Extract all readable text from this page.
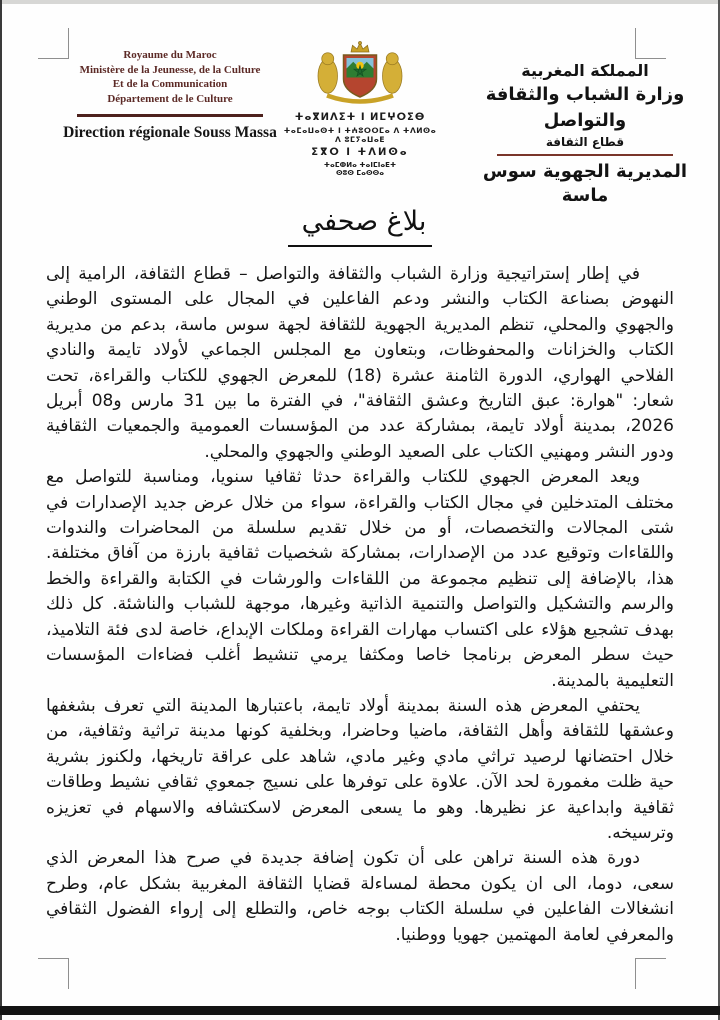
Royaume du Maroc
Ministère de la Jeunesse, de la Culture
Et de la Communication
Département de le Culture
Direction régionale Souss Massa
ⵜⴰⴳⵍⴷⵉⵜ ⵏ ⵍⵎⵖⵔⵉⴱ
ⵜⴰⵎⴰⵡⴰⵙⵜ ⵏ ⵜⵄⵓⵔⵔⵎⴰ ⴷ ⵜⴷⵍⵙⴰ ⴷ ⵓⵎⵢⴰⵡⴰⴹ
ⵉⴳⵔ ⵏ ⵜⴷⵍⵙⴰ
ⵜⴰⵎⵀⵍⴰ ⵜⴰⵏⵎⵏⴰⴹⵜ
ⵙⵓⵙ ⵎⴰⵙⵙⴰ
المملكة المغربية
وزارة الشباب والثقافة والتواصل
قطاع الثقافة
المديرية الجهوية سوس ماسة
بلاغ صحفي

في إطار إستراتيجية وزارة الشباب والثقافة والتواصل – قطاع الثقافة، الرامية إلى النهوض بصناعة الكتاب والنشر ودعم الفاعلين في المجال على المستوى الوطني والجهوي والمحلي، تنظم المديرية الجهوية للثقافة لجهة سوس ماسة، بدعم من مديرية الكتاب والخزانات والمحفوظات، وبتعاون مع المجلس الجماعي لأولاد تايمة والنادي الفلاحي الهواري، الدورة الثامنة عشرة (18) للمعرض الجهوي للكتاب والقراءة، تحت شعار: "هوارة: عبق التاريخ وعشق الثقافة"، في الفترة ما بين 31 مارس و08 أبريل 2026، بمدينة أولاد تايمة، بمشاركة عدد من المؤسسات العمومية والجمعيات الثقافية ودور النشر ومهنيي الكتاب على الصعيد الوطني والجهوي والمحلي.

ويعد المعرض الجهوي للكتاب والقراءة حدثا ثقافيا سنويا، ومناسبة للتواصل مع مختلف المتدخلين في مجال الكتاب والقراءة، سواء من خلال عرض جديد الإصدارات في شتى المجالات والتخصصات، أو من خلال تقديم سلسلة من المحاضرات والندوات واللقاءات وتوقيع عدد من الإصدارات، بمشاركة شخصيات ثقافية بارزة من آفاق مختلفة. هذا، بالإضافة إلى تنظيم مجموعة من اللقاءات والورشات في الكتابة والقراءة والخط والرسم والتشكيل والتواصل والتنمية الذاتية وغيرها، موجهة للشباب والناشئة. كل ذلك بهدف تشجيع هؤلاء على اكتساب مهارات القراءة وملكات الإبداع، خاصة لدى فئة التلاميذ، حيث سطر المعرض برنامجا خاصا ومكثفا يرمي تنشيط أغلب فضاءات المؤسسات التعليمية بالمدينة.

يحتفي المعرض هذه السنة بمدينة أولاد تايمة، باعتبارها المدينة التي تعرف بشغفها وعشقها للثقافة وأهل الثقافة، ماضيا وحاضرا، وبخلفية كونها مدينة تراثية وثقافية، من خلال احتضانها لرصيد تراثي مادي وغير مادي، شاهد على عراقة تاريخها، ولكنوز بشرية حية ظلت مغمورة لحد الآن. علاوة على توفرها على نسيج جمعوي ثقافي نشيط وطاقات ثقافية وابداعية عز نظيرها. وهو ما يسعى المعرض لاسكتشافه والاسهام في تعزيزه وترسيخه.

دورة هذه السنة تراهن على أن تكون إضافة جديدة في صرح هذا المعرض الذي سعى، دوما، الى ان يكون محطة لمساءلة قضايا الثقافة المغربية بشكل عام، وطرح انشغالات الفاعلين في سلسلة الكتاب بوجه خاص، والتطلع إلى إرواء الفضول الثقافي والمعرفي لعامة المهتمين جهويا ووطنيا.
